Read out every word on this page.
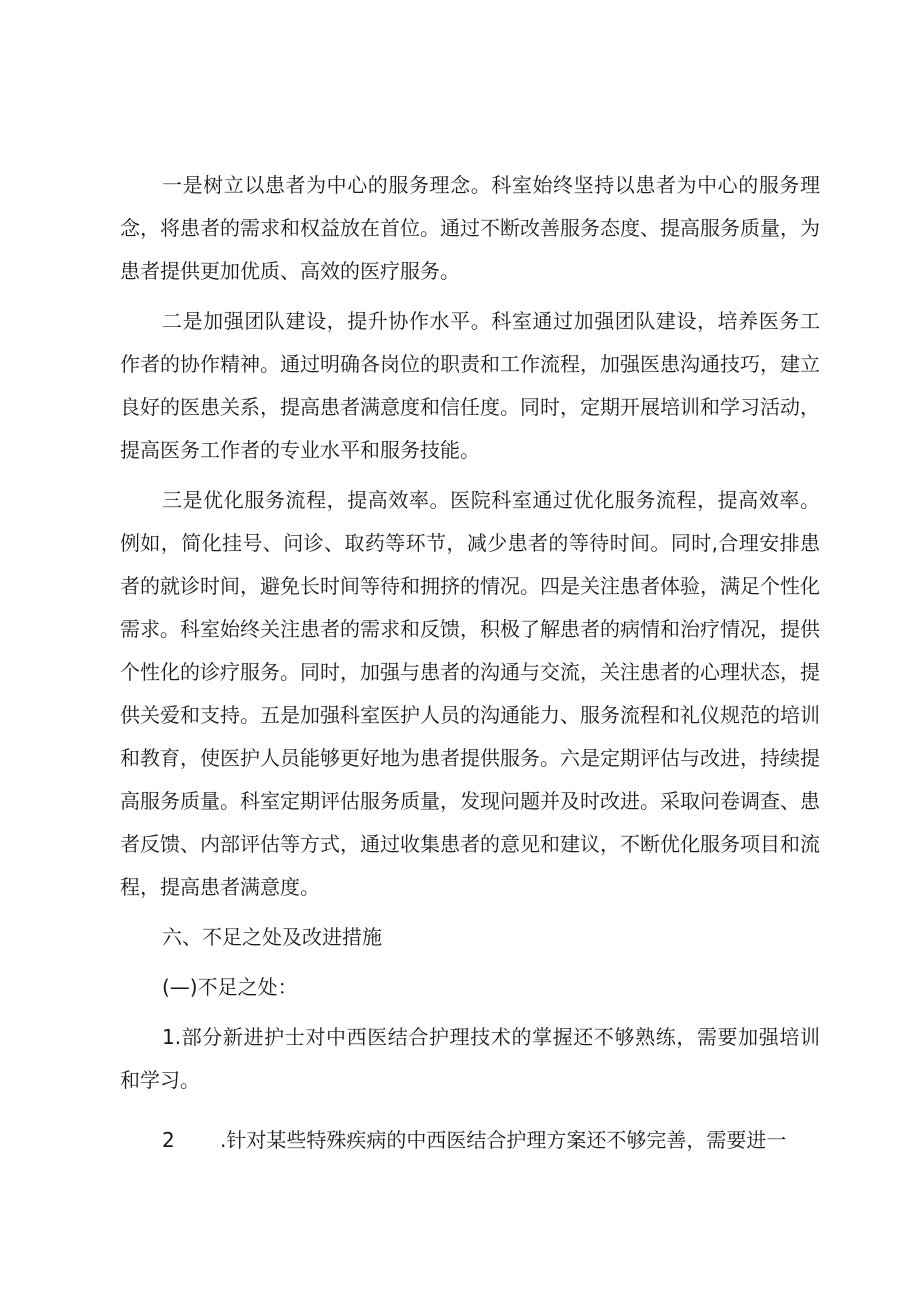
一是树立以患者为中心的服务理念。科室始终坚持以患者为中心的服务理念，将患者的需求和权益放在首位。通过不断改善服务态度、提高服务质量，为患者提供更加优质、高效的医疗服务。

二是加强团队建设，提升协作水平。科室通过加强团队建设，培养医务工作者的协作精神。通过明确各岗位的职责和工作流程，加强医患沟通技巧，建立良好的医患关系，提高患者满意度和信任度。同时，定期开展培训和学习活动，提高医务工作者的专业水平和服务技能。

三是优化服务流程，提高效率。医院科室通过优化服务流程，提高效率。例如，简化挂号、问诊、取药等环节，减少患者的等待时间。同时,合理安排患者的就诊时间，避免长时间等待和拥挤的情况。四是关注患者体验，满足个性化需求。科室始终关注患者的需求和反馈，积极了解患者的病情和治疗情况，提供个性化的诊疗服务。同时，加强与患者的沟通与交流，关注患者的心理状态，提供关爱和支持。五是加强科室医护人员的沟通能力、服务流程和礼仪规范的培训和教育，使医护人员能够更好地为患者提供服务。六是定期评估与改进，持续提高服务质量。科室定期评估服务质量，发现问题并及时改进。采取问卷调查、患者反馈、内部评估等方式，通过收集患者的意见和建议，不断优化服务项目和流程，提高患者满意度。

六、不足之处及改进措施

(—)不足之处：

1.部分新进护士对中西医结合护理技术的掌握还不够熟练，需要加强培训和学习。

2 .针对某些特殊疾病的中西医结合护理方案还不够完善，需要进一
